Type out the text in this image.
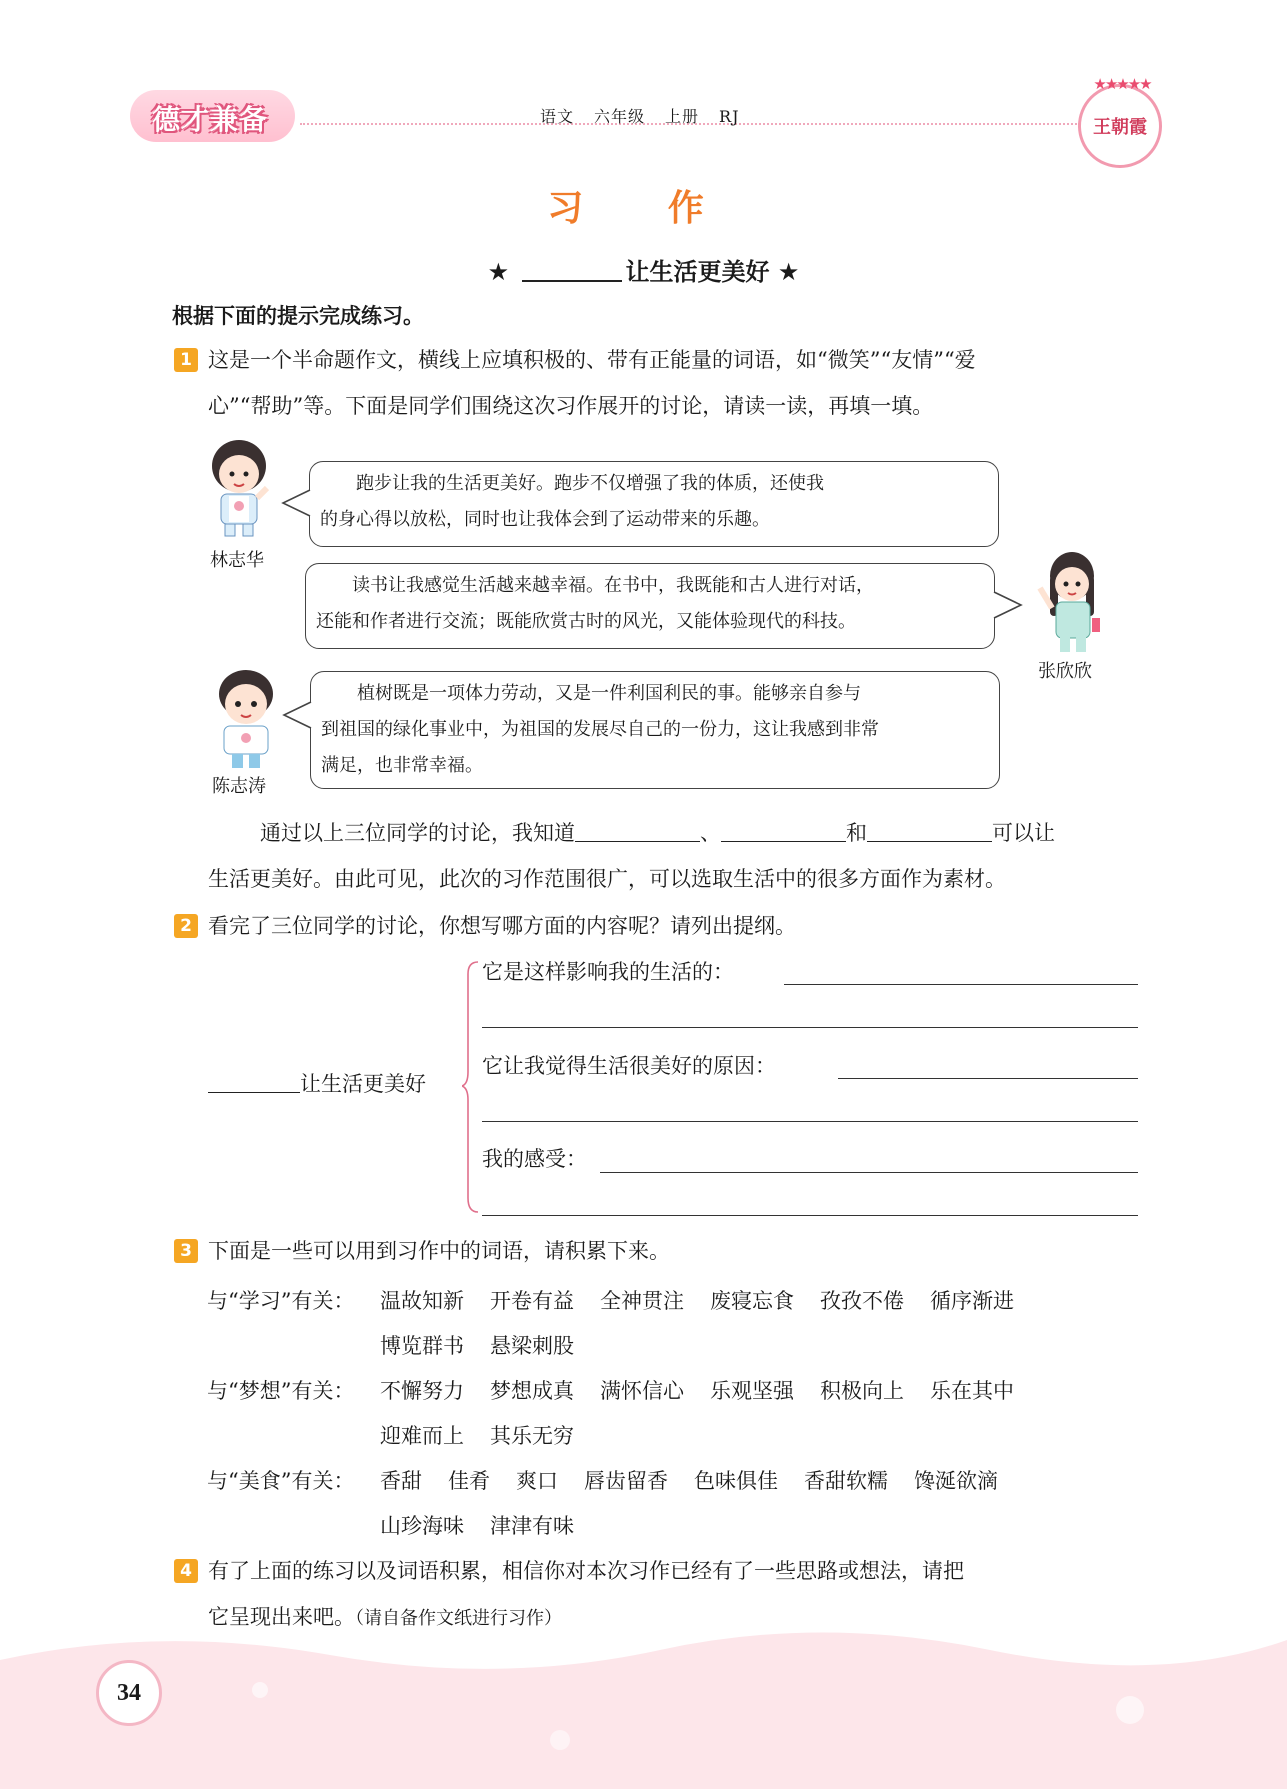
德才兼备	语文 六年级 上册 RJ
★★★★★
王朝霞
习 作
★	让生活更美好 ★
根据下面的提示完成练习。
1 这是一个半命题作文，横线上应填积极的、带有正能量的词语，如“微笑”“友情”“爱
心”“帮助”等。下面是同学们围绕这次习作展开的讨论，请读一读，再填一填。
林志华

跑步让我的生活更美好。跑步不仅增强了我的体质，还使我

的身心得以放松，同时也让我体会到了运动带来的乐趣。

读书让我感觉生活越来越幸福。在书中，我既能和古人进行对话，

还能和作者进行交流；既能欣赏古时的风光，又能体验现代的科技。
张欣欣
陈志涛

植树既是一项体力劳动，又是一件利国利民的事。能够亲自参与

到祖国的绿化事业中，为祖国的发展尽自己的一份力，这让我感到非常
满足，也非常幸福。
通过以上三位同学的讨论，我知道	、	和	可以让
生活更美好。由此可见，此次的习作范围很广，可以选取生活中的很多方面作为素材。
2 看完了三位同学的讨论，你想写哪方面的内容呢？请列出提纲。
让生活更美好
它是这样影响我的生活的：
它让我觉得生活很美好的原因：
我的感受：
3 下面是一些可以用到习作中的词语，请积累下来。
与“学习”有关： 温故知新 开卷有益 全神贯注 废寝忘食 孜孜不倦 循序渐进
博览群书 悬梁刺股
与“梦想”有关： 不懈努力 梦想成真 满怀信心 乐观坚强 积极向上 乐在其中
迎难而上 其乐无穷
与“美食”有关： 香甜 佳肴 爽口 唇齿留香 色味俱佳 香甜软糯 馋涎欲滴
山珍海味 津津有味
4 有了上面的练习以及词语积累，相信你对本次习作已经有了一些思路或想法，请把
它呈现出来吧。（请自备作文纸进行习作）
34
